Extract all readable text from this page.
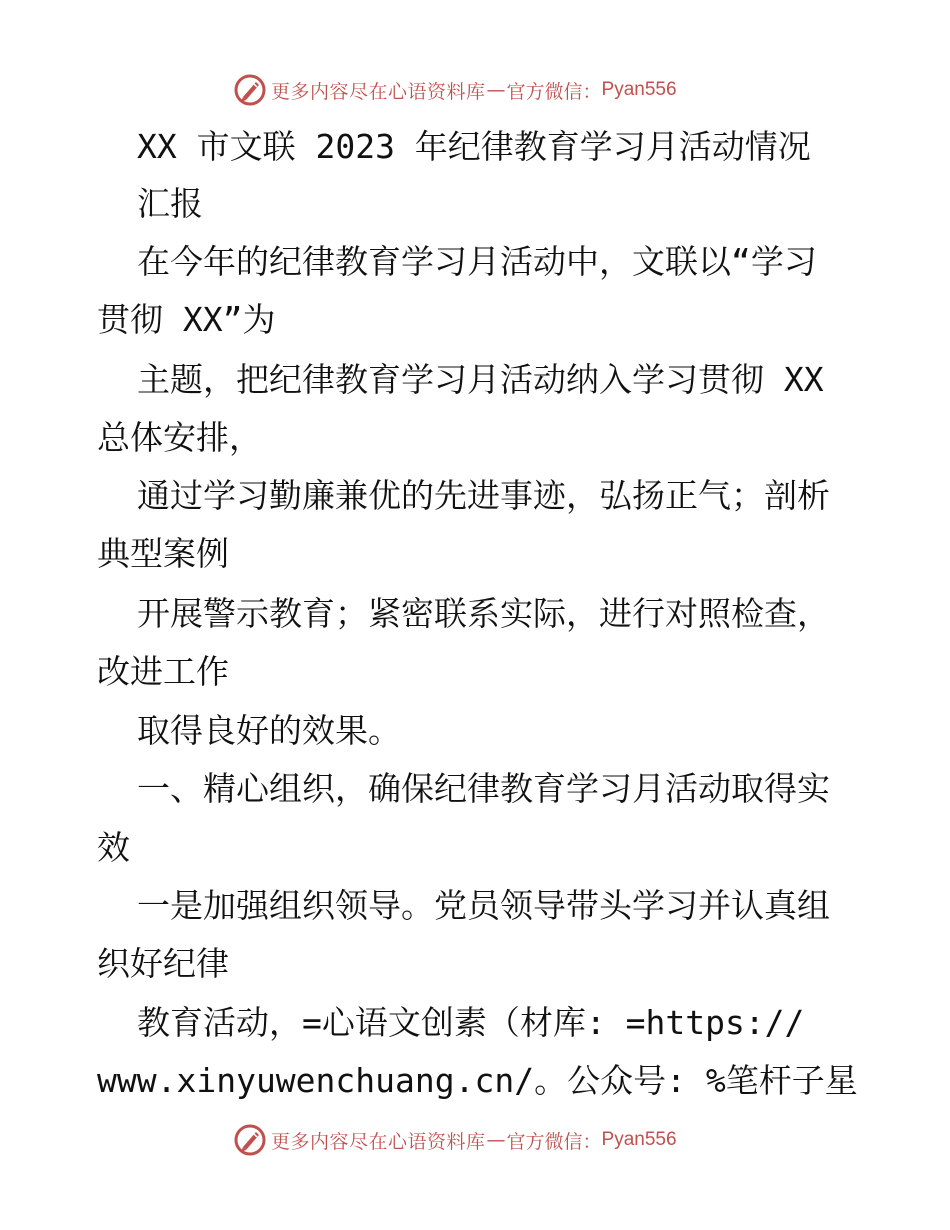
更多内容尽在心语资料库 — 官方微信： Pyan556
XX 市文联 2023 年纪律教育学习月活动情况
汇报
在今年的纪律教育学习月活动中，文联以“学习
贯彻 XX”为
主题，把纪律教育学习月活动纳入学习贯彻 XX
总体安排，
通过学习勤廉兼优的先进事迹，弘扬正气；剖析
典型案例
开展警示教育；紧密联系实际，进行对照检查，
改进工作
取得良好的效果。
一、精心组织，确保纪律教育学习月活动取得实
效
一是加强组织领导。党员领导带头学习并认真组
织好纪律
教育活动，=心语文创素（材库: =https://
www.xinyuwenchuang.cn/。公众号: %笔杆子星
更多内容尽在心语资料库 — 官方微信： Pyan556
